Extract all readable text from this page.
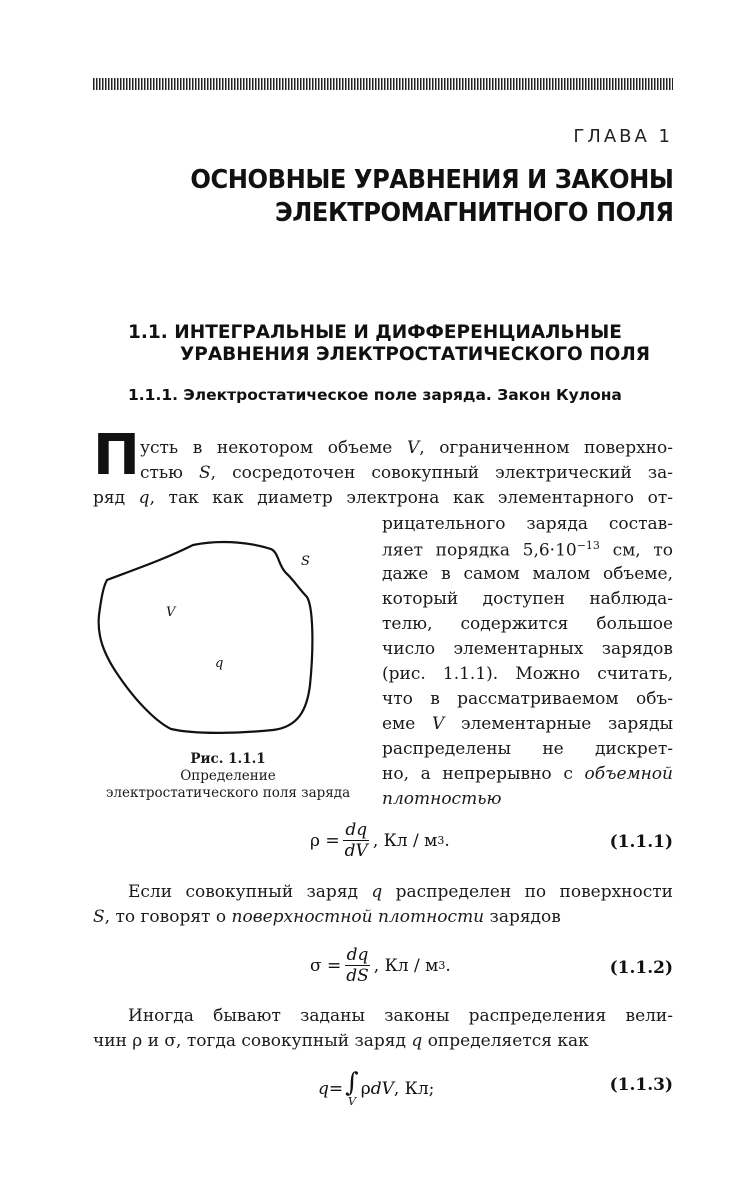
ГЛАВА 1
ОСНОВНЫЕ УРАВНЕНИЯ И ЗАКОНЫ
ЭЛЕКТРОМАГНИТНОГО ПОЛЯ
1.1. ИНТЕГРАЛЬНЫЕ И ДИФФЕРЕНЦИАЛЬНЫЕ
УРАВНЕНИЯ ЭЛЕКТРОСТАТИЧЕСКОГО ПОЛЯ
1.1.1. Электростатическое поле заряда. Закон Кулона
П усть в некотором объеме V, ограниченном поверхно-
стью S, сосредоточен совокупный электрический за-
ряд q, так как диаметр электрона как элементарного от-
рицательного заряда состав-
ляет порядка $5,6\cdot 10^{-13}$ см, то
даже в самом малом объеме,
который доступен наблюда-
телю, содержится большое
число элементарных зарядов
(рис. 1.1.1). Можно считать,
что в рассматриваемом объ-
еме V элементарные заряды
распределены не дискрет-
но, а непрерывно с объемной
плотностью
S
V
q
Рис. 1.1.1
Определение
электростатического поля заряда
$\rho = \frac{dq}{dV}$ , Кл / м 3 .	(1.1.1)
Если совокупный заряд q распределен по поверхности
S, то говорят о поверхностной плотности зарядов
$\sigma = \frac{dq}{dS}$ , Кл / м 3 .	(1.1.2)
Иногда бывают заданы законы распределения вели-
чин ρ и σ, тогда совокупный заряд q определяется как
q = ∫
V
ρ dV , Кл;	(1.1.3)
